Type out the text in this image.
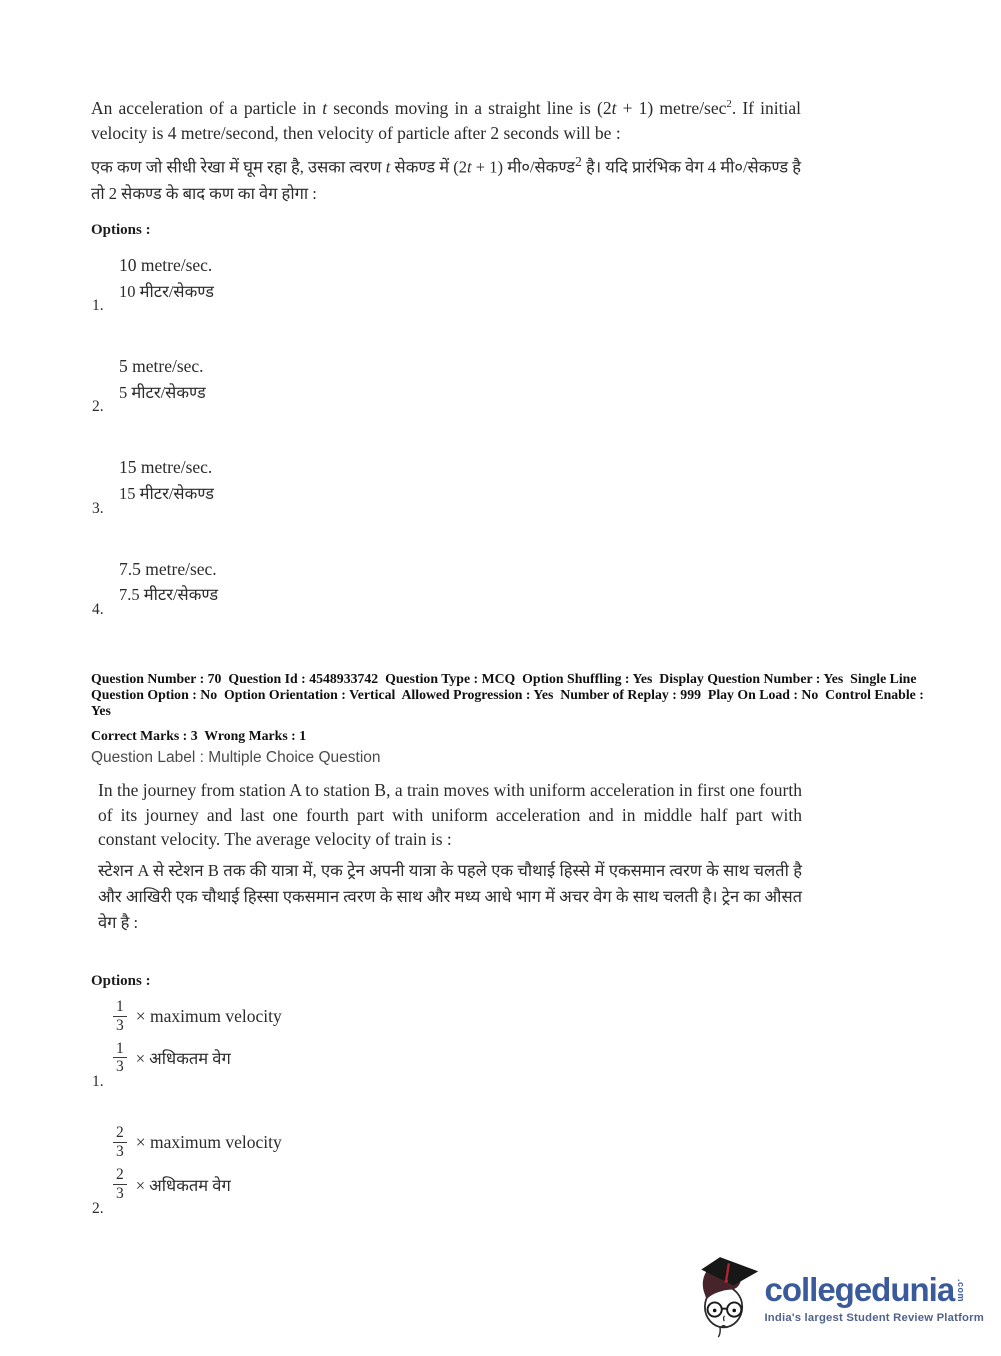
An acceleration of a particle in t seconds moving in a straight line is (2t + 1) metre/$\sec^2$. If initial velocity is 4 metre/second, then velocity of particle after 2 seconds will be :
एक कण जो सीधी रेखा में घूम रहा है, उसका त्वरण t सेकण्ड में (2t + 1) मी०/सेकण्ड$^2$ है। यदि प्रारंभिक वेग 4 मी०/सेकण्ड है तो 2 सेकण्ड के बाद कण का वेग होगा :
Options :
10 metre/sec.
10 मीटर/सेकण्ड
1.
5 metre/sec.
5 मीटर/सेकण्ड
2.
15 metre/sec.
15 मीटर/सेकण्ड
3.
7.5 metre/sec.
7.5 मीटर/सेकण्ड
4.
Question Number : 70  Question Id : 4548933742  Question Type : MCQ  Option Shuffling : Yes  Display Question Number : Yes  Single Line Question Option : No  Option Orientation : Vertical  Allowed Progression : Yes  Number of Replay : 999  Play On Load : No  Control Enable : Yes
Correct Marks : 3  Wrong Marks : 1
Question Label : Multiple Choice Question
In the journey from station A to station B, a train moves with uniform acceleration in first one fourth of its journey and last one fourth part with uniform acceleration and in middle half part with constant velocity. The average velocity of train is :
स्टेशन A से स्टेशन B तक की यात्रा में, एक ट्रेन अपनी यात्रा के पहले एक चौथाई हिस्से में एकसमान त्वरण के साथ चलती है और आखिरी एक चौथाई हिस्सा एकसमान त्वरण के साथ और मध्य आधे भाग में अचर वेग के साथ चलती है। ट्रेन का औसत वेग है :
Options :
$\frac{1}{3}$ × maximum velocity
$\frac{1}{3}$ × अधिकतम वेग
1.
$\frac{2}{3}$ × maximum velocity
$\frac{2}{3}$ × अधिकतम वेग
2.
collegedunia .com
India's largest Student Review Platform
